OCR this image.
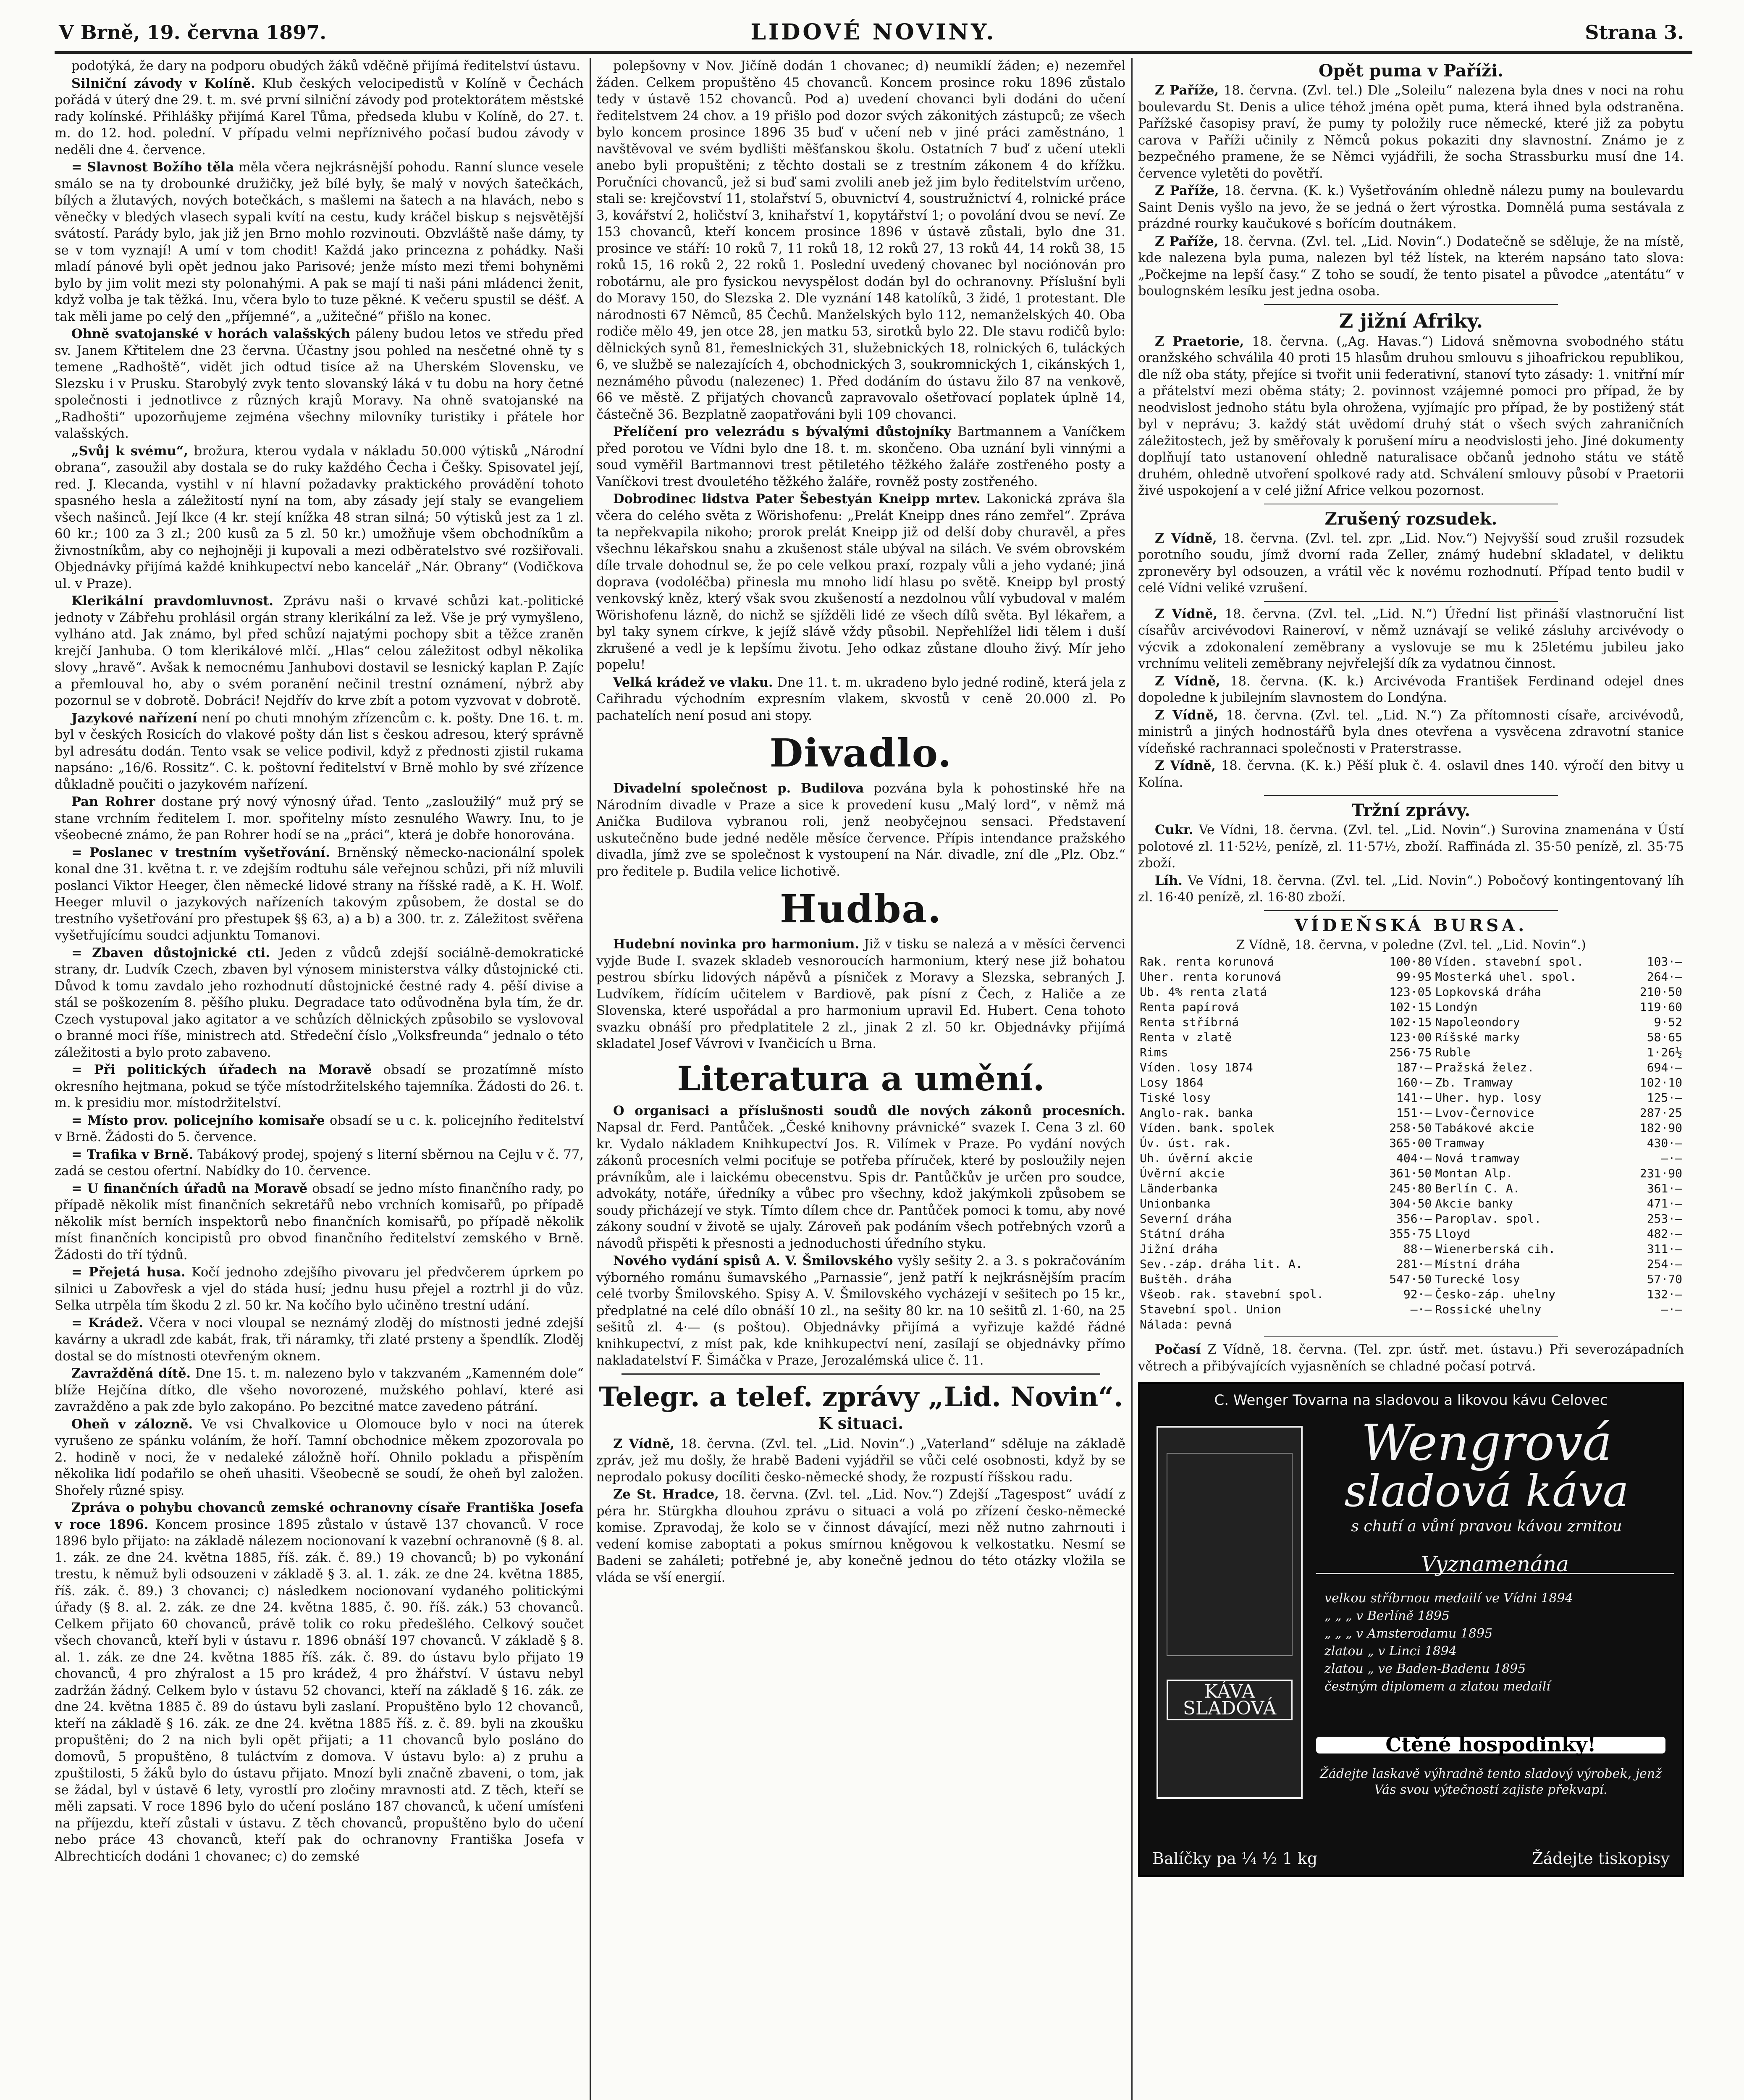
V Brně, 19. června 1897.	LIDOVÉ NOVINY.	Strana 3.

podotýká, že dary na podporu obudých žáků vděčně přijímá ředitelství ústavu.

Silniční závody v Kolíně. Klub českých velocipedistů v Kolíně v Čechách pořádá v úterý dne 29. t. m. své první silniční závody pod protektorátem městské rady kolínské. Přihlášky přijímá Karel Tůma, předseda klubu v Kolíně, do 27. t. m. do 12. hod. polední. V případu velmi nepříznivého počasí budou závody v neděli dne 4. července.

= Slavnost Božího těla měla včera nejkrásnější pohodu. Ranní slunce vesele smálo se na ty drobounké družičky, jež bílé byly, še malý v nových šatečkách, bílých a žlutavých, nových botečkách, s mašlemi na šatech a na hlavách, nebo s věnečky v bledých vlasech sypali kvítí na cestu, kudy kráčel biskup s nejsvětější svátostí. Parády bylo, jak již jen Brno mohlo rozvinouti. Obzvláště naše dámy, ty se v tom vyznají! A umí v tom chodit! Každá jako princezna z pohádky. Naši mladí pánové byli opět jednou jako Parisové; jenže místo mezi třemi bohyněmi bylo by jim volit mezi sty polonahými. A pak se mají ti naši páni mládenci ženit, když volba je tak těžká. Inu, včera bylo to tuze pěkné. K večeru spustil se déšť. A tak měli jame po celý den „příjemné“, a „užitečné“ přišlo na konec.

Ohně svatojanské v horách valašských páleny budou letos ve středu před sv. Janem Křtitelem dne 23 června. Účastny jsou pohled na nesčetné ohně ty s temene „Radhoště“, vidět jich odtud tisíce až na Uherském Slovensku, ve Slezsku i v Prusku. Starobylý zvyk tento slovanský láká v tu dobu na hory četné společnosti i jednotlivce z různých krajů Moravy. Na ohně svatojanské na „Radhošti“ upozorňujeme zejména všechny milovníky turistiky i přátele hor valašských.

„Svůj k svému“, brožura, kterou vydala v nákladu 50.000 výtisků „Národní obrana“, zasoužil aby dostala se do ruky každého Čecha i Češky. Spisovatel její, red. J. Klecanda, vystihl v ní hlavní požadavky praktického provádění tohoto spasného hesla a záležitostí nyní na tom, aby zásady její staly se evangeliem všech našinců. Její lkce (4 kr. stejí knížka 48 stran silná; 50 výtisků jest za 1 zl. 60 kr.; 100 za 3 zl.; 200 kusů za 5 zl. 50 kr.) umožňuje všem obchodníkům a živnostníkům, aby co nejhojněji ji kupovali a mezi odběratelstvo své rozšiřovali. Objednávky přijímá každé knihkupectví nebo kancelář „Nár. Obrany“ (Vodičkova ul. v Praze).

Klerikální pravdomluvnost. Zprávu naši o krvavé schůzi kat.-politické jednoty v Zábřehu prohlásil orgán strany klerikální za lež. Vše je prý vymyšleno, vylháno atd. Jak známo, byl před schůzí najatými pochopy sbit a těžce zraněn krejčí Janhuba. O tom klerikálové mlčí. „Hlas“ celou záležitost odbyl několika slovy „hravě“. Avšak k nemocnému Janhubovi dostavil se lesnický kaplan P. Zajíc a přemlouval ho, aby o svém poranění nečinil trestní oznámení, nýbrž aby pozornul se v dobrotě. Dobráci! Nejdřív do krve zbít a potom vyzvovat v dobrotě.

Jazykové nařízení není po chuti mnohým zřízencům c. k. pošty. Dne 16. t. m. byl v českých Rosicích do vlakové pošty dán list s českou adresou, který správně byl adresátu dodán. Tento vsak se velice podivil, když z přednosti zjistil rukama napsáno: „16/6. Rossitz“. C. k. poštovní ředitelství v Brně mohlo by své zřízence důkladně poučiti o jazykovém nařízení.

Pan Rohrer dostane prý nový výnosný úřad. Tento „zasloužilý“ muž prý se stane vrchním ředitelem I. mor. spořitelny místo zesnulého Wawry. Inu, to je všeobecné známo, že pan Rohrer hodí se na „práci“, která je dobře honorována.

= Poslanec v trestním vyšetřování. Brněnský německo-nacionální spolek konal dne 31. května t. r. ve zdejším rodtuhu sále veřejnou schůzi, při níž mluvili poslanci Viktor Heeger, člen německé lidové strany na říšské radě, a K. H. Wolf. Heeger mluvil o jazykových nařízeních takovým způsobem, že dostal se do trestního vyšetřování pro přestupek §§ 63, a) a b) a 300. tr. z. Záležitost svěřena vyšetřujícímu soudci adjunktu Tomanovi.

= Zbaven důstojnické cti. Jeden z vůdců zdejší sociálně-demokratické strany, dr. Ludvík Czech, zbaven byl výnosem ministerstva války důstojnické cti. Důvod k tomu zavdalo jeho rozhodnutí důstojnické čestné rady 4. pěší divise a stál se poškozením 8. pěšího pluku. Degradace tato odůvodněna byla tím, že dr. Czech vystupoval jako agitator a ve schůzích dělnických způsobilo se vyslovoval o branné moci říše, ministrech atd. Středeční číslo „Volksfreunda“ jednalo o této záležitosti a bylo proto zabaveno.

= Při politických úřadech na Moravě obsadí se prozatímně místo okresního hejtmana, pokud se týče místodržitelského tajemníka. Žádosti do 26. t. m. k presidiu mor. místodržitelství.

= Místo prov. policejního komisaře obsadí se u c. k. policejního ředitelství v Brně. Žádosti do 5. července.

= Trafika v Brně. Tabákový prodej, spojený s literní sběrnou na Cejlu v č. 77, zadá se cestou ofertní. Nabídky do 10. července.

= U finančních úřadů na Moravě obsadí se jedno místo finančního rady, po případě několik míst finančních sekretářů nebo vrchních komisařů, po případě několik míst berních inspektorů nebo finančních komisařů, po případě několik míst finančních koncipistů pro obvod finančního ředitelství zemského v Brně. Žádosti do tří týdnů.

= Přejetá husa. Kočí jednoho zdejšího pivovaru jel předvčerem úprkem po silnici u Zabovřesk a vjel do stáda husí; jednu husu přejel a roztrhl ji do vůz. Selka utrpěla tím škodu 2 zl. 50 kr. Na kočího bylo učiněno trestní udání.

= Krádež. Včera v noci vloupal se neznámý zloděj do místnosti jedné zdejší kavárny a ukradl zde kabát, frak, tři náramky, tři zlaté prsteny a špendlík. Zloděj dostal se do místnosti otevřeným oknem.

Zavražděná dítě. Dne 15. t. m. nalezeno bylo v takzvaném „Kamenném dole“ blíže Hejčína dítko, dle všeho novorozené, mužského pohlaví, které asi zavražděno a pak zde bylo zakopáno. Po bezcitné matce zavedeno pátrání.

Oheň v zálozně. Ve vsi Chvalkovice u Olomouce bylo v noci na úterek vyrušeno ze spánku voláním, že hoří. Tamní obchodnice měkem zpozorovala po 2. hodině v noci, že v nedaleké záložně hoří. Ohnilo pokladu a přispěním několika lidí podařilo se oheň uhasiti. Všeobecně se soudí, že oheň byl založen. Shořely různé spisy.

Zpráva o pohybu chovanců zemské ochranovny císaře Františka Josefa v roce 1896. Koncem prosince 1895 zůstalo v ústavě 137 chovanců. V roce 1896 bylo přijato: na základě nálezem nocionovaní k vazební ochranovně (§ 8. al. 1. zák. ze dne 24. května 1885, říš. zák. č. 89.) 19 chovanců; b) po vykonání trestu, k němuž byli odsouzeni v základě § 3. al. 1. zák. ze dne 24. května 1885, říš. zák. č. 89.) 3 chovanci; c) následkem nocionovaní vydaného politickými úřady (§ 8. al. 2. zák. ze dne 24. května 1885, č. 90. říš. zák.) 53 chovanců. Celkem přijato 60 chovanců, právě tolik co roku předešlého. Celkový součet všech chovanců, kteří byli v ústavu r. 1896 obnáší 197 chovanců. V základě § 8. al. 1. zák. ze dne 24. května 1885 říš. zák. č. 89. do ústavu bylo přijato 19 chovanců, 4 pro zhýralost a 15 pro krádež, 4 pro žhářství. V ústavu nebyl zadržán žádný. Celkem bylo v ústavu 52 chovanci, kteří na základě § 16. zák. ze dne 24. května 1885 č. 89 do ústavu byli zaslaní. Propuštěno bylo 12 chovanců, kteří na základě § 16. zák. ze dne 24. května 1885 říš. z. č. 89. byli na zkoušku propuštěni; do 2 na nich byli opět přijati; a 11 chovanců bylo posláno do domovů, 5 propuštěno, 8 tuláctvím z domova. V ústavu bylo: a) z pruhu a zpuštilosti, 5 žáků bylo do ústavu přijato. Mnozí byli značně zbaveni, o tom, jak se žádal, byl v ústavě 6 lety, vyrostlí pro zločiny mravnosti atd. Z těch, kteří se měli zapsati. V roce 1896 bylo do učení posláno 187 chovanců, k učení umísťeni na příjezdu, kteří zůstali v ústavu. Z těch chovanců, propuštěno bylo do učení nebo práce 43 chovanců, kteří pak do ochranovny Františka Josefa v Albrechticích dodáni 1 chovanec; c) do zemské

polepšovny v Nov. Jičíně dodán 1 chovanec; d) neumiklí žáden; e) nezemřel žáden. Celkem propuštěno 45 chovanců. Koncem prosince roku 1896 zůstalo tedy v ústavě 152 chovanců. Pod a) uvedení chovanci byli dodáni do učení ředitelstvem 24 chov. a 19 přišlo pod dozor svých zákonitých zástupců; ze všech bylo koncem prosince 1896 35 buď v učení neb v jiné práci zaměstnáno, 1 navštěvoval ve svém bydlišti měšťanskou školu. Ostatních 7 buď z učení utekli anebo byli propuštěni; z těchto dostali se z trestním zákonem 4 do křížku. Poručníci chovanců, jež si buď sami zvolili aneb jež jim bylo ředitelstvím určeno, stali se: krejčovství 11, stolařství 5, obuvnictví 4, soustružnictví 4, rolnické práce 3, kovářství 2, holičství 3, knihařství 1, kopytářství 1; o povolání dvou se neví. Ze 153 chovanců, kteří koncem prosince 1896 v ústavě zůstali, bylo dne 31. prosince ve stáří: 10 roků 7, 11 roků 18, 12 roků 27, 13 roků 44, 14 roků 38, 15 roků 15, 16 roků 2, 22 roků 1. Poslední uvedený chovanec byl nociónován pro robotárnu, ale pro fysickou nevyspělost dodán byl do ochranovny. Příslušní byli do Moravy 150, do Slezska 2. Dle vyznání 148 katolíků, 3 židé, 1 protestant. Dle národnosti 67 Němců, 85 Čechů. Manželských bylo 112, nemanželských 40. Oba rodiče mělo 49, jen otce 28, jen matku 53, sirotků bylo 22. Dle stavu rodičů bylo: dělnických synů 81, řemeslnických 31, služebnických 18, rolnických 6, tuláckých 6, ve službě se nalezajících 4, obchodnických 3, soukromnických 1, cikánských 1, neznámého původu (nalezenec) 1. Před dodáním do ústavu žilo 87 na venkově, 66 ve městě. Z přijatých chovanců zapravovalo ošetřovací poplatek úplně 14, částečně 36. Bezplatně zaopatřováni byli 109 chovanci.

Přelíčení pro velezrádu s bývalými důstojníky Bartmannem a Vaníčkem před porotou ve Vídni bylo dne 18. t. m. skončeno. Oba uznání byli vinnými a soud vyměřil Bartmannovi trest pětiletého těžkého žaláře zostřeného posty a Vaníčkovi trest dvouletého těžkého žaláře, rovněž posty zostřeného.

Dobrodinec lidstva Pater Šebestyán Kneipp mrtev. Lakonická zpráva šla včera do celého světa z Wörishofenu: „Prelát Kneipp dnes ráno zemřel“. Zpráva ta nepřekvapila nikoho; prorok prelát Kneipp již od delší doby churavěl, a přes všechnu lékařskou snahu a zkušenost stále ubýval na silách. Ve svém obrovském díle trvale dohodnul se, že po cele velkou praxí, rozpaly vůli a jeho vydané; jiná doprava (vodoléčba) přinesla mu mnoho lidí hlasu po světě. Kneipp byl prostý venkovský kněz, který však svou zkušeností a nezdolnou vůlí vybudoval v malém Wörishofenu lázně, do nichž se sjížděli lidé ze všech dílů světa. Byl lékařem, a byl taky synem církve, k jejíž slávě vždy působil. Nepřehlížel lidi tělem i duší zkrušené a vedl je k lepšímu životu. Jeho odkaz zůstane dlouho živý. Mír jeho popelu!

Velká krádež ve vlaku. Dne 11. t. m. ukradeno bylo jedné rodině, která jela z Cařihradu východním expresním vlakem, skvostů v ceně 20.000 zl. Po pachatelích není posud ani stopy.

Divadlo.

Divadelní společnost p. Budilova pozvána byla k pohostinské hře na Národním divadle v Praze a sice k provedení kusu „Malý lord“, v němž má Anička Budilova vybranou roli, jenž neobyčejnou sensaci. Představení uskutečněno bude jedné neděle měsíce července. Přípis intendance pražského divadla, jímž zve se společnost k vystoupení na Nár. divadle, zní dle „Plz. Obz.“ pro ředitele p. Budila velice lichotivě.

Hudba.

Hudební novinka pro harmonium. Již v tisku se nalezá a v měsíci červenci vyjde Bude I. svazek skladeb vesnoroucích harmonium, který nese již bohatou pestrou sbírku lidových nápěvů a písniček z Moravy a Slezska, sebraných J. Ludvíkem, řídícím učitelem v Bardiově, pak písní z Čech, z Haliče a ze Slovenska, které uspořádal a pro harmonium upravil Ed. Hubert. Cena tohoto svazku obnáší pro předplatitele 2 zl., jinak 2 zl. 50 kr. Objednávky přijímá skladatel Josef Vávrovi v Ivančicích u Brna.

Literatura a umění.

O organisaci a příslušnosti soudů dle nových zákonů procesních. Napsal dr. Ferd. Pantůček. „České knihovny právnické“ svazek I. Cena 3 zl. 60 kr. Vydalo nákladem Knihkupectví Jos. R. Vilímek v Praze. Po vydání nových zákonů procesních velmi pociťuje se potřeba příruček, které by posloužily nejen právníkům, ale i laickému obecenstvu. Spis dr. Pantůčkův je určen pro soudce, advokáty, notáře, úředníky a vůbec pro všechny, kdož jakýmkoli způsobem se soudy přicházejí ve styk. Tímto dílem chce dr. Pantůček pomoci k tomu, aby nové zákony soudní v životě se ujaly. Zároveň pak podáním všech potřebných vzorů a návodů přispěti k přesnosti a jednoduchosti úředního styku.

Nového vydání spisů A. V. Šmilovského vyšly sešity 2. a 3. s pokračováním výborného románu šumavského „Parnassie“, jenž patří k nejkrásnějším pracím celé tvorby Šmilovského. Spisy A. V. Šmilovského vycházejí v sešitech po 15 kr., předplatné na celé dílo obnáší 10 zl., na sešity 80 kr. na 10 sešitů zl. 1·60, na 25 sešitů zl. 4·— (s poštou). Objednávky přijímá a vyřizuje každé řádné knihkupectví, z míst pak, kde knihkupectví není, zasílají se objednávky přímo nakladatelství F. Šimáčka v Praze, Jerozalémská ulice č. 11.

Telegr. a telef. zprávy „Lid. Novin“.
K situaci.

Z Vídně, 18. června. (Zvl. tel. „Lid. Novin“.) „Vaterland“ sděluje na základě zpráv, jež mu došly, že hrabě Badeni vyjádřil se vůči celé osobnosti, když by se neprodalo pokusy docíliti česko-německé shody, že rozpustí říšskou radu.

Ze St. Hradce, 18. června. (Zvl. tel. „Lid. Nov.“) Zdejší „Tagespost“ uvádí z péra hr. Stürgkha dlouhou zprávu o situaci a volá po zřízení česko-německé komise. Zpravodaj, že kolo se v činnost dávající, mezi něž nutno zahrnouti i vedení komise zaboptati a pokus smírnou kněgovou k velkostatku. Nesmí se Badeni se zaháleti; potřebné je, aby konečně jednou do této otázky vložila se vláda se vší energií.

Opět puma v Paříži.

Z Paříže, 18. června. (Zvl. tel.) Dle „Soleilu“ nalezena byla dnes v noci na rohu boulevardu St. Denis a ulice téhož jména opět puma, která ihned byla odstraněna. Pařížské časopisy praví, že pumy ty položily ruce německé, které již za pobytu carova v Paříži učinily z Němců pokus pokaziti dny slavnostní. Známo je z bezpečného pramene, že se Němci vyjádřili, že socha Strassburku musí dne 14. července vyletěti do povětří.

Z Paříže, 18. června. (K. k.) Vyšetřováním ohledně nálezu pumy na boulevardu Saint Denis vyšlo na jevo, že se jedná o žert výrostka. Domnělá puma sestávala z prázdné rourky kaučukové s bořícím doutnákem.

Z Paříže, 18. června. (Zvl. tel. „Lid. Novin“.) Dodatečně se sděluje, že na místě, kde nalezena byla puma, nalezen byl též lístek, na kterém napsáno tato slova: „Počkejme na lepší časy.“ Z toho se soudí, že tento pisatel a původce „atentátu“ v boulognském lesíku jest jedna osoba.

Z jižní Afriky.

Z Praetorie, 18. června. („Ag. Havas.“) Lidová sněmovna svobodného státu oranžského schválila 40 proti 15 hlasům druhou smlouvu s jihoafrickou republikou, dle níž oba státy, přejíce si tvořit unii federativní, stanoví tyto zásady: 1. vnitřní mír a přátelství mezi oběma státy; 2. povinnost vzájemné pomoci pro případ, že by neodvislost jednoho státu byla ohrožena, vyjímajíc pro případ, že by postižený stát byl v neprávu; 3. každý stát uvědomí druhý stát o všech svých zahraničních záležitostech, jež by směřovaly k porušení míru a neodvislosti jeho. Jiné dokumenty doplňují tato ustanovení ohledně naturalisace občanů jednoho státu ve státě druhém, ohledně utvoření spolkové rady atd. Schválení smlouvy působí v Praetorii živé uspokojení a v celé jižní Africe velkou pozornost.

Zrušený rozsudek.

Z Vídně, 18. června. (Zvl. tel. zpr. „Lid. Nov.“) Nejvyšší soud zrušil rozsudek porotního soudu, jímž dvorní rada Zeller, známý hudební skladatel, v deliktu zpronevěry byl odsouzen, a vrátil věc k novému rozhodnutí. Případ tento budil v celé Vídni veliké vzrušení.

Z Vídně, 18. června. (Zvl. tel. „Lid. N.“) Úřední list přináší vlastnoruční list císařův arcivévodovi Raineroví, v němž uznávají se veliké zásluhy arcivévody o výcvik a zdokonalení zeměbrany a vyslovuje se mu k 25letému jubileu jako vrchnímu veliteli zeměbrany nejvřelejší dík za vydatnou činnost.

Z Vídně, 18. června. (K. k.) Arcivévoda František Ferdinand odejel dnes dopoledne k jubilejním slavnostem do Londýna.

Z Vídně, 18. června. (Zvl. tel. „Lid. N.“) Za přítomnosti císaře, arcivévodů, ministrů a jiných hodnostářů byla dnes otevřena a vysvěcena zdravotní stanice vídeňské rachrannaci společnosti v Praterstrasse.

Z Vídně, 18. června. (K. k.) Pěší pluk č. 4. oslavil dnes 140. výročí den bitvy u Kolína.

Tržní zprávy.

Cukr. Ve Vídni, 18. června. (Zvl. tel. „Lid. Novin“.) Surovina znamenána v Ústí polotové zl. 11·52½, penízě, zl. 11·57½, zboží. Raffináda zl. 35·50 penízě, zl. 35·75 zboží.

Líh. Ve Vídni, 18. června. (Zvl. tel. „Lid. Novin“.) Pobočový kontingentovaný líh zl. 16·40 penízě, zl. 16·80 zboží.

VÍDEŇSKÁ BURSA.

Z Vídně, 18. června, v poledne (Zvl. tel. „Lid. Novin“.)

Rak. renta korunová	100·80	Víden. stavební spol.	103·—
Uher. renta korunová	99·95	Mosterká uhel. spol.	264·—
Ub. 4% renta zlatá	123·05	Lopkovská dráha	210·50
Renta papírová	102·15	Londýn	119·60
Renta stříbrná	102·15	Napoleondory	9·52
Renta v zlatě	123·00	Ríšské marky	58·65
Rims	256·75	Ruble	1·26½
Víden. losy 1874	187·—	Pražská želez.	694·—
Losy 1864	160·—	Zb. Tramway	102·10
Tiské losy	141·—	Uher. hyp. losy	125·—
Anglo-rak. banka	151·—	Lvov-Černovice	287·25
Víden. bank. spolek	258·50	Tabákové akcie	182·90
Úv. úst. rak.	365·00	Tramway	430·—
Uh. úvěrní akcie	404·—	Nová tramway	—·—
Úvěrní akcie	361·50	Montan Alp.	231·90
Länderbanka	245·80	Berlín C. A.	361·—
Unionbanka	304·50	Akcie banky	471·—
Severní dráha	356·—	Paroplav. spol.	253·—
Státní dráha	355·75	Lloyd	482·—
Jižní dráha	88·—	Wienerberská cih.	311·—
Sev.-záp. dráha lit. A.	281·—	Místní dráha	254·—
Buštěh. dráha	547·50	Turecké losy	57·70
Všeob. rak. stavební spol.	92·—	Česko-záp. uhelny	132·—
Stavební spol. Union	—·—	Rossické uhelny	—·—
Nálada: pevná			

Počasí Z Vídně, 18. června. (Tel. zpr. ústř. met. ústavu.) Při severozápadních větrech a přibývajících vyjasněních se chladné počasí potrvá.

C. Wenger Tovarna na sladovou a likovou kávu Celovec
KÁVA SLADOVÁ
Wengrová
sladová káva
s chutí a vůní pravou kávou zrnitou
Vyznamenána
velkou stříbrnou medailí ve Vídni 1894
„ „ „ v Berlíně 1895
„ „ „ v Amsterodamu 1895
zlatou „ v Linci 1894
zlatou „ ve Baden-Badenu 1895
čestným diplomem a zlatou medailí
Ctěné hospodinky!
Žádejte laskavě výhradně tento sladový výrobek, jenž Vás svou výtečností zajiste překvapí.
Balíčky pa ¼ ½ 1 kg	Žádejte tiskopisy
